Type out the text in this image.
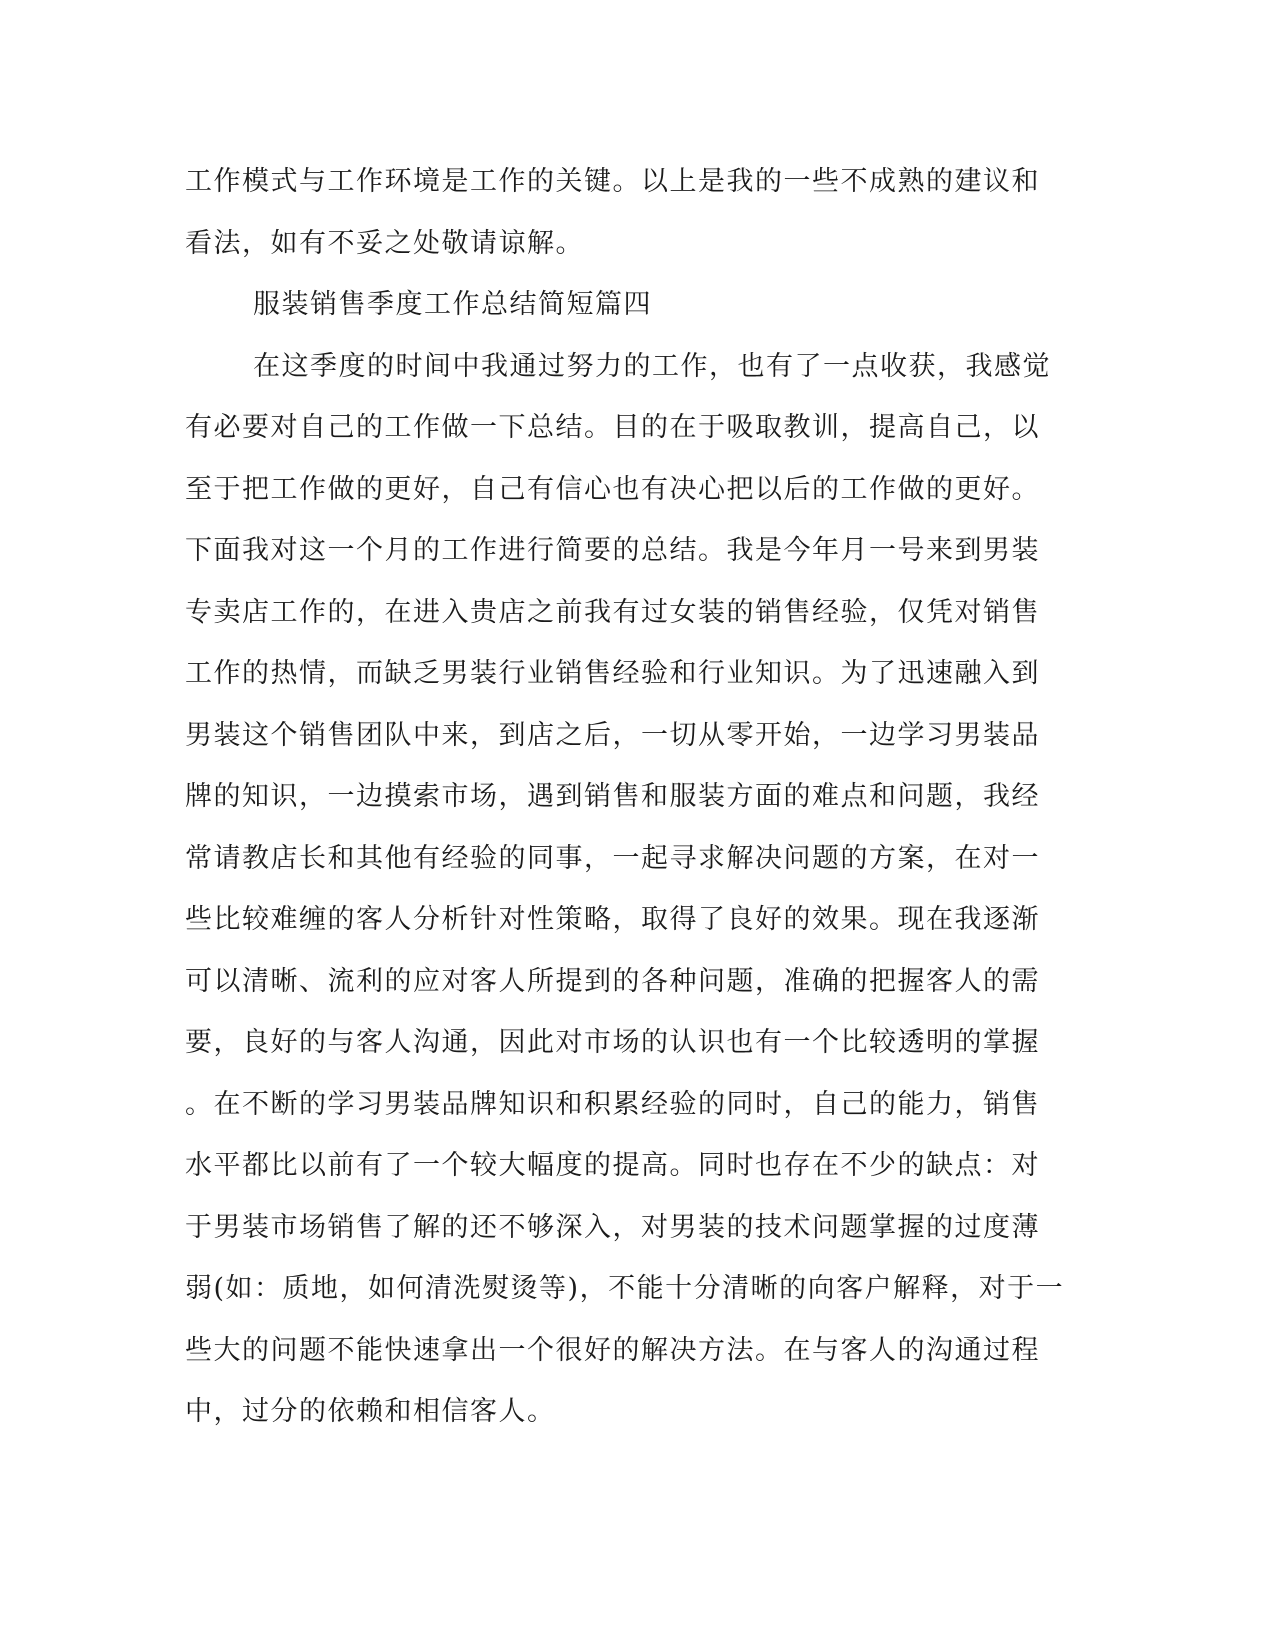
工作模式与工作环境是工作的关键。以上是我的一些不成熟的建议和
看法，如有不妥之处敬请谅解。
服装销售季度工作总结简短篇四
在这季度的时间中我通过努力的工作，也有了一点收获，我感觉
有必要对自己的工作做一下总结。目的在于吸取教训，提高自己，以
至于把工作做的更好，自己有信心也有决心把以后的工作做的更好。
下面我对这一个月的工作进行简要的总结。我是今年月一号来到男装
专卖店工作的，在进入贵店之前我有过女装的销售经验，仅凭对销售
工作的热情，而缺乏男装行业销售经验和行业知识。为了迅速融入到
男装这个销售团队中来，到店之后，一切从零开始，一边学习男装品
牌的知识，一边摸索市场，遇到销售和服装方面的难点和问题，我经
常请教店长和其他有经验的同事，一起寻求解决问题的方案，在对一
些比较难缠的客人分析针对性策略，取得了良好的效果。现在我逐渐
可以清晰、流利的应对客人所提到的各种问题，准确的把握客人的需
要，良好的与客人沟通，因此对市场的认识也有一个比较透明的掌握
。在不断的学习男装品牌知识和积累经验的同时，自己的能力，销售
水平都比以前有了一个较大幅度的提高。同时也存在不少的缺点：对
于男装市场销售了解的还不够深入，对男装的技术问题掌握的过度薄
弱(如：质地，如何清洗熨烫等)，不能十分清晰的向客户解释，对于一
些大的问题不能快速拿出一个很好的解决方法。在与客人的沟通过程
中，过分的依赖和相信客人。
